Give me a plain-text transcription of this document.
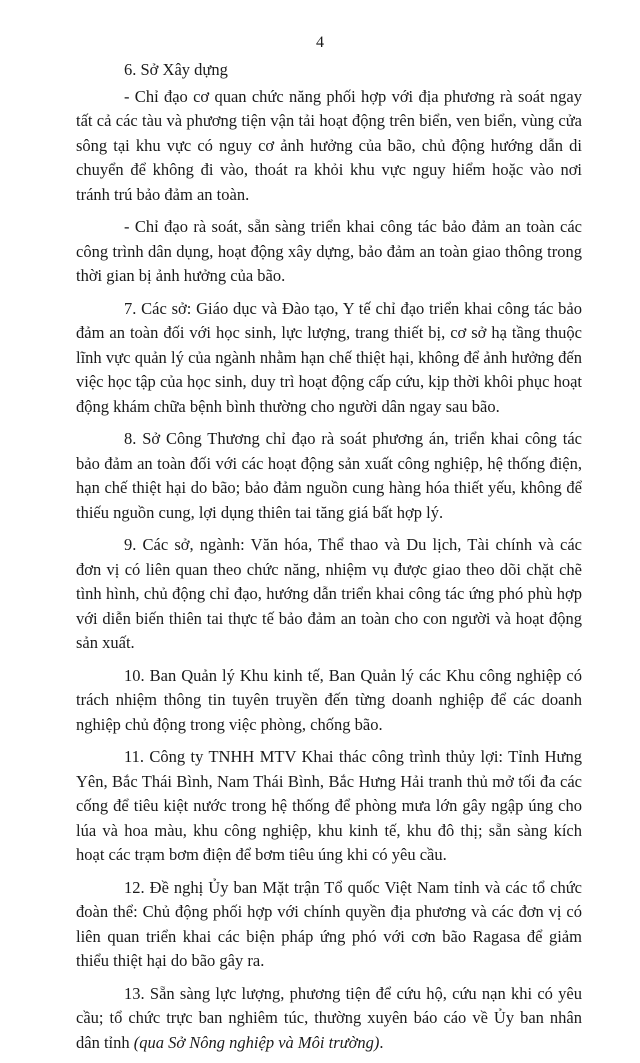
4

6. Sở Xây dựng

- Chỉ đạo cơ quan chức năng phối hợp với địa phương rà soát ngay tất cả các tàu và phương tiện vận tải hoạt động trên biển, ven biển, vùng cửa sông tại khu vực có nguy cơ ảnh hưởng của bão, chủ động hướng dẫn di chuyển để không đi vào, thoát ra khỏi khu vực nguy hiểm hoặc vào nơi tránh trú bảo đảm an toàn.

- Chỉ đạo rà soát, sẵn sàng triển khai công tác bảo đảm an toàn các công trình dân dụng, hoạt động xây dựng, bảo đảm an toàn giao thông trong thời gian bị ảnh hưởng của bão.

7. Các sở: Giáo dục và Đào tạo, Y tế chỉ đạo triển khai công tác bảo đảm an toàn đối với học sinh, lực lượng, trang thiết bị, cơ sở hạ tầng thuộc lĩnh vực quản lý của ngành nhằm hạn chế thiệt hại, không để ảnh hưởng đến việc học tập của học sinh, duy trì hoạt động cấp cứu, kịp thời khôi phục hoạt động khám chữa bệnh bình thường cho người dân ngay sau bão.

8. Sở Công Thương chỉ đạo rà soát phương án, triển khai công tác bảo đảm an toàn đối với các hoạt động sản xuất công nghiệp, hệ thống điện, hạn chế thiệt hại do bão; bảo đảm nguồn cung hàng hóa thiết yếu, không để thiếu nguồn cung, lợi dụng thiên tai tăng giá bất hợp lý.

9. Các sở, ngành: Văn hóa, Thể thao và Du lịch, Tài chính và các đơn vị có liên quan theo chức năng, nhiệm vụ được giao theo dõi chặt chẽ tình hình, chủ động chỉ đạo, hướng dẫn triển khai công tác ứng phó phù hợp với diễn biến thiên tai thực tế bảo đảm an toàn cho con người và hoạt động sản xuất.

10. Ban Quản lý Khu kinh tế, Ban Quản lý các Khu công nghiệp có trách nhiệm thông tin tuyên truyền đến từng doanh nghiệp để các doanh nghiệp chủ động trong việc phòng, chống bão.

11. Công ty TNHH MTV Khai thác công trình thủy lợi: Tỉnh Hưng Yên, Bắc Thái Bình, Nam Thái Bình, Bắc Hưng Hải tranh thủ mở tối đa các cống để tiêu kiệt nước trong hệ thống để phòng mưa lớn gây ngập úng cho lúa và hoa màu, khu công nghiệp, khu kinh tế, khu đô thị; sẵn sàng kích hoạt các trạm bơm điện để bơm tiêu úng khi có yêu cầu.

12. Đề nghị Ủy ban Mặt trận Tổ quốc Việt Nam tỉnh và các tổ chức đoàn thể: Chủ động phối hợp với chính quyền địa phương và các đơn vị có liên quan triển khai các biện pháp ứng phó với cơn bão Ragasa để giảm thiểu thiệt hại do bão gây ra.

13. Sẵn sàng lực lượng, phương tiện để cứu hộ, cứu nạn khi có yêu cầu; tổ chức trực ban nghiêm túc, thường xuyên báo cáo về Ủy ban nhân dân tỉnh (qua Sở Nông nghiệp và Môi trường).
